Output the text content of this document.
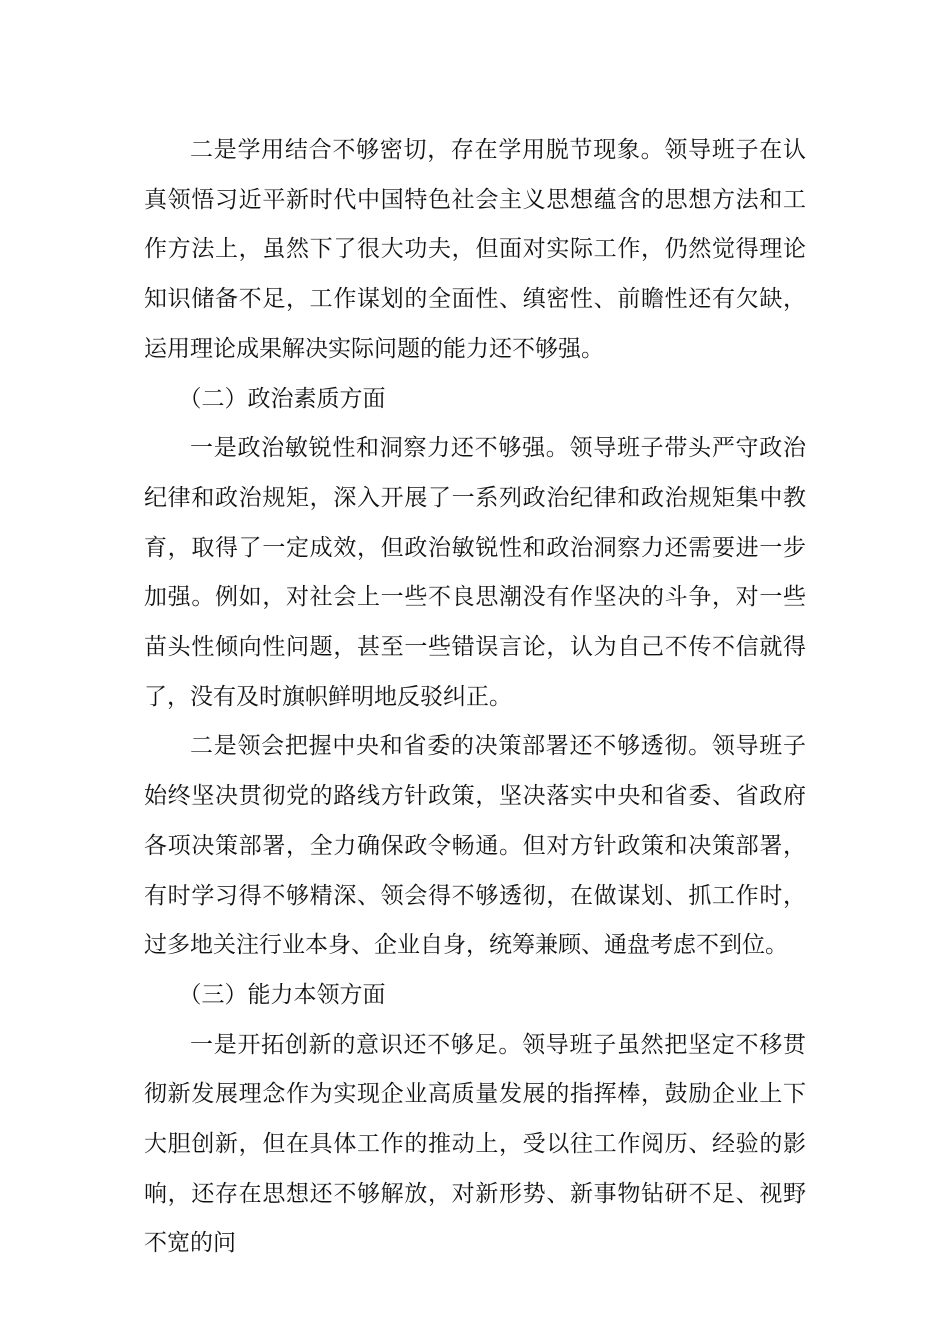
二是学用结合不够密切，存在学用脱节现象。领导班子在认真领悟习近平新时代中国特色社会主义思想蕴含的思想方法和工作方法上，虽然下了很大功夫，但面对实际工作，仍然觉得理论知识储备不足，工作谋划的全面性、缜密性、前瞻性还有欠缺，运用理论成果解决实际问题的能力还不够强。

（二）政治素质方面

一是政治敏锐性和洞察力还不够强。领导班子带头严守政治纪律和政治规矩，深入开展了一系列政治纪律和政治规矩集中教育，取得了一定成效，但政治敏锐性和政治洞察力还需要进一步加强。例如，对社会上一些不良思潮没有作坚决的斗争，对一些苗头性倾向性问题，甚至一些错误言论，认为自己不传不信就得了，没有及时旗帜鲜明地反驳纠正。

二是领会把握中央和省委的决策部署还不够透彻。领导班子始终坚决贯彻党的路线方针政策，坚决落实中央和省委、省政府各项决策部署，全力确保政令畅通。但对方针政策和决策部署，有时学习得不够精深、领会得不够透彻，在做谋划、抓工作时，过多地关注行业本身、企业自身，统筹兼顾、通盘考虑不到位。

（三）能力本领方面

一是开拓创新的意识还不够足。领导班子虽然把坚定不移贯彻新发展理念作为实现企业高质量发展的指挥棒，鼓励企业上下大胆创新，但在具体工作的推动上，受以往工作阅历、经验的影响，还存在思想还不够解放，对新形势、新事物钻研不足、视野不宽的问
